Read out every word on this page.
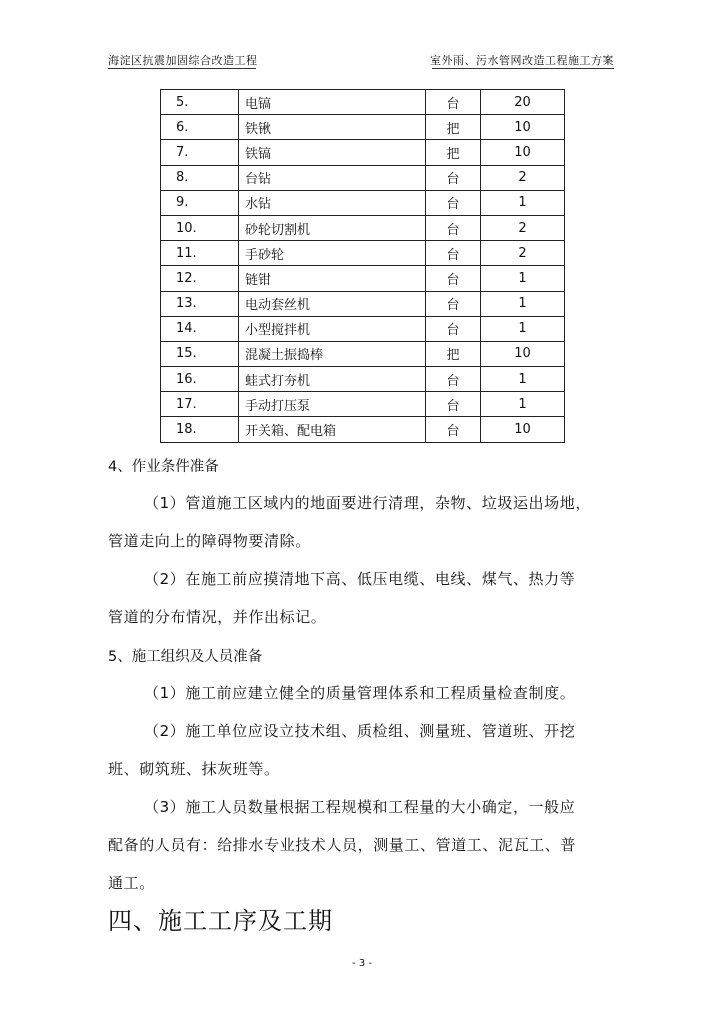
海淀区抗震加固综合改造工程	室外雨、污水管网改造工程施工方案
5.	电镐	台	20
6.	铁锹	把	10
7.	铁镐	把	10
8.	台钻	台	2
9.	水钻	台	1
10.	砂轮切割机	台	2
11.	手砂轮	台	2
12.	链钳	台	1
13.	电动套丝机	台	1
14.	小型搅拌机	台	1
15.	混凝土振捣棒	把	10
16.	蛙式打夯机	台	1
17.	手动打压泵	台	1
18.	开关箱、配电箱	台	10
4、作业条件准备
（1）管道施工区域内的地面要进行清理，杂物、垃圾运出场地，
管道走向上的障碍物要清除。
（2）在施工前应摸清地下高、低压电缆、电线、煤气、热力等
管道的分布情况，并作出标记。
5、施工组织及人员准备
（1）施工前应建立健全的质量管理体系和工程质量检查制度。
（2）施工单位应设立技术组、质检组、测量班、管道班、开挖
班、砌筑班、抹灰班等。
（3）施工人员数量根据工程规模和工程量的大小确定，一般应
配备的人员有：给排水专业技术人员，测量工、管道工、泥瓦工、普
通工。
四、施工工序及工期
- 3 -
